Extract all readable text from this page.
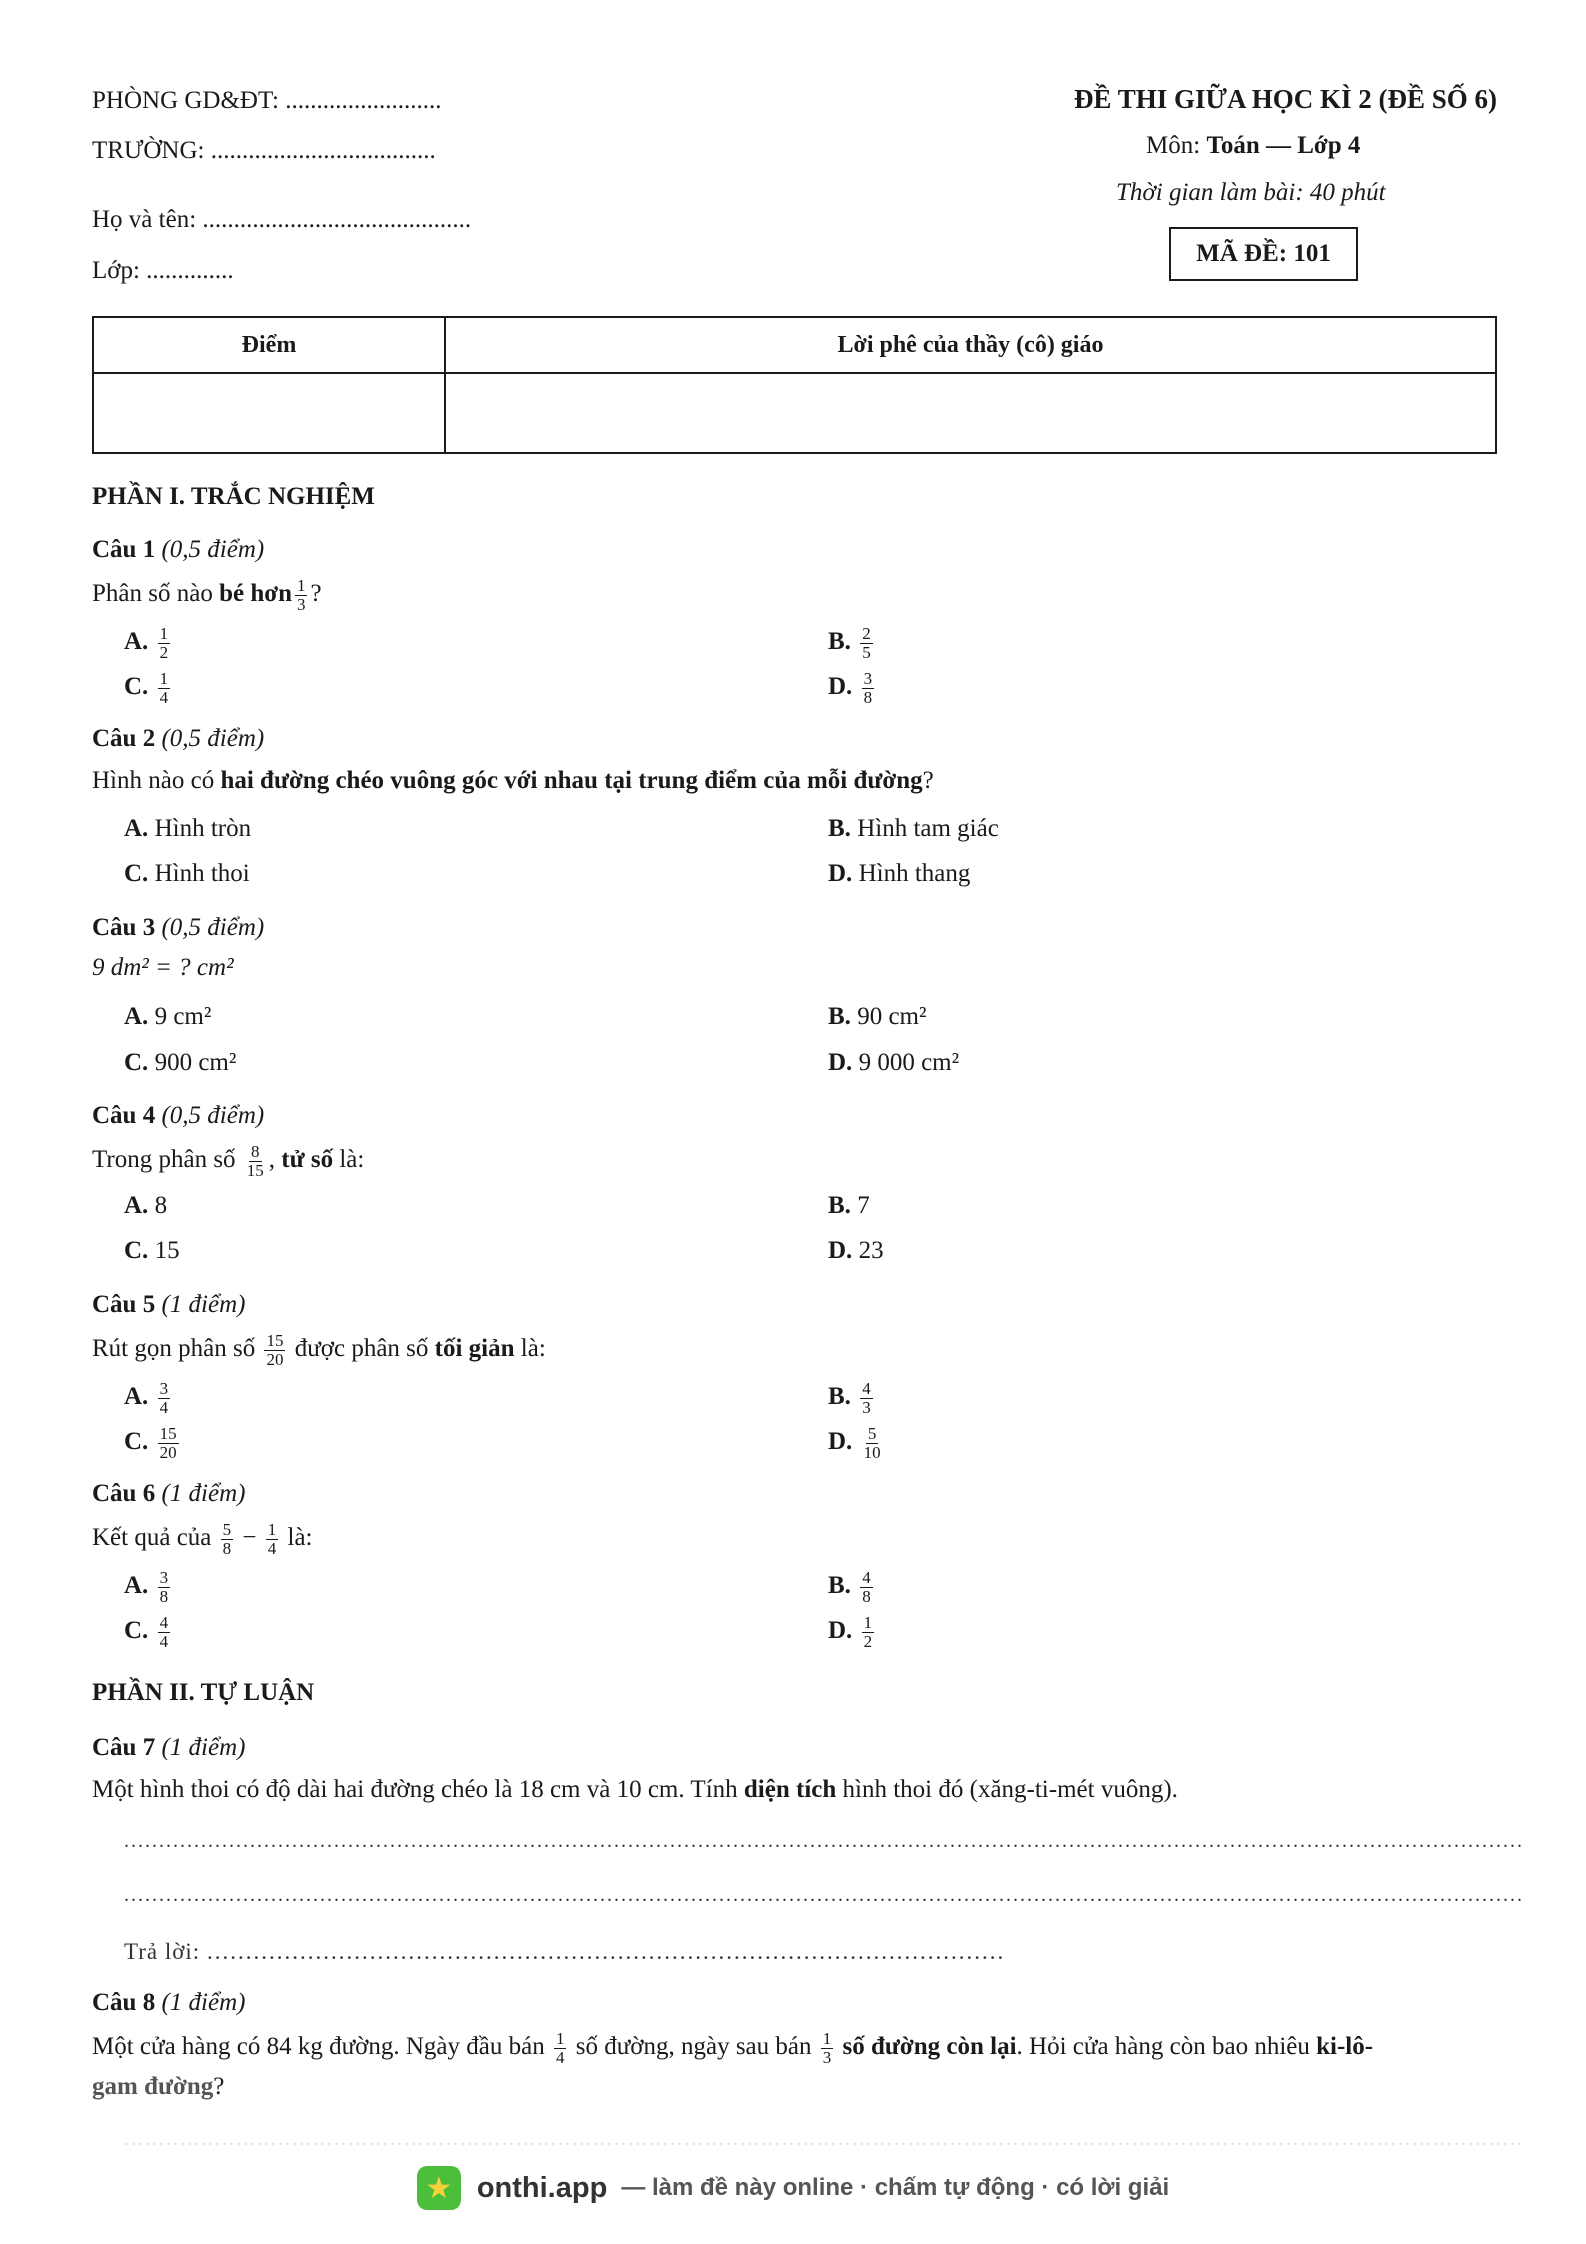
PHÒNG GD&ĐT: .........................
TRƯỜNG: ....................................
Họ và tên: ...........................................
Lớp: ..............
ĐỀ THI GIỮA HỌC KÌ 2 (ĐỀ SỐ 6)
Môn: Toán — Lớp 4
Thời gian làm bài: 40 phút
MÃ ĐỀ: 101
Điểm	Lời phê của thầy (cô) giáo

PHẦN I. TRẮC NGHIỆM
Câu 1 (0,5 điểm)
Phân số nào bé hơn $\frac{1}{3}$ ?
A. $\frac{1}{2}$	B. $\frac{2}{5}$
C. $\frac{1}{4}$	D. $\frac{3}{8}$
Câu 2 (0,5 điểm)
Hình nào có hai đường chéo vuông góc với nhau tại trung điểm của mỗi đường?
A. Hình tròn	B. Hình tam giác
C. Hình thoi	D. Hình thang
Câu 3 (0,5 điểm)
9 dm² = ? cm²
A. 9 cm²	B. 90 cm²
C. 900 cm²	D. 9 000 cm²
Câu 4 (0,5 điểm)
Trong phân số $\frac{8}{15}$ , tử số là:
A. 8	B. 7
C. 15	D. 23
Câu 5 (1 điểm)
Rút gọn phân số $\frac{15}{20}$ được phân số tối giản là:
A. $\frac{3}{4}$	B. $\frac{4}{3}$
C. $\frac{15}{20}$	D. $\frac{5}{10}$
Câu 6 (1 điểm)
Kết quả của $\frac{5}{8} - \frac{1}{4}$ là:
A. $\frac{3}{8}$	B. $\frac{4}{8}$
C. $\frac{4}{4}$	D. $\frac{1}{2}$
PHẦN II. TỰ LUẬN
Câu 7 (1 điểm)
Một hình thoi có độ dài hai đường chéo là 18 cm và 10 cm. Tính diện tích hình thoi đó (xăng-ti-mét vuông).
........................................................................................................................................................................................................
........................................................................................................................................................................................................
Trả lời: .......................................................................................................
Câu 8 (1 điểm)
Một cửa hàng có 84 kg đường. Ngày đầu bán $\frac{1}{4}$ số đường, ngày sau bán $\frac{1}{3}$ số đường còn lại. Hỏi cửa hàng còn bao nhiêu ki-lô-
gam đường?
........................................................................................................................................................................................................
★ onthi.app — làm đề này online · chấm tự động · có lời giải
